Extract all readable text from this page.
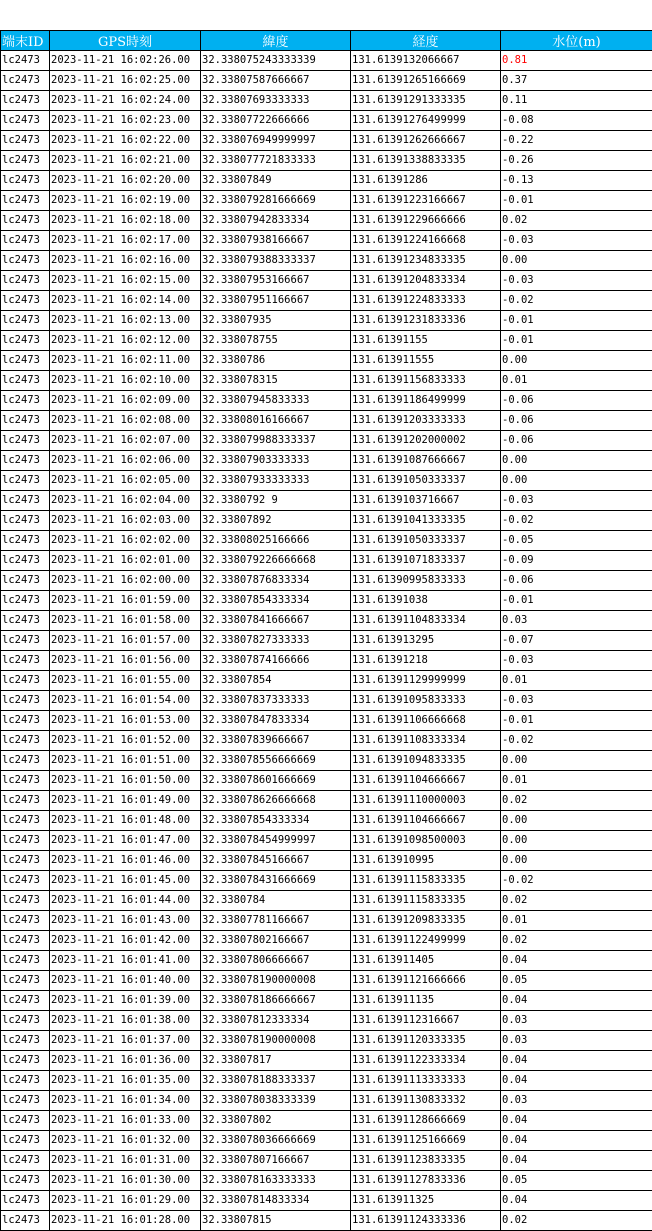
端末ID	GPS時刻	緯度	経度	水位(m)
lc2473	2023-11-21 16:02:26.00	32.338075243333339	131.6139132066667	0.81
lc2473	2023-11-21 16:02:25.00	32.33807587666667	131.61391265166669	0.37
lc2473	2023-11-21 16:02:24.00	32.33807693333333	131.61391291333335	0.11
lc2473	2023-11-21 16:02:23.00	32.33807722666666	131.61391276499999	-0.08
lc2473	2023-11-21 16:02:22.00	32.338076949999997	131.61391262666667	-0.22
lc2473	2023-11-21 16:02:21.00	32.338077721833333	131.61391338833335	-0.26
lc2473	2023-11-21 16:02:20.00	32.33807849	131.61391286	-0.13
lc2473	2023-11-21 16:02:19.00	32.338079281666669	131.61391223166667	-0.01
lc2473	2023-11-21 16:02:18.00	32.33807942833334	131.61391229666666	0.02
lc2473	2023-11-21 16:02:17.00	32.33807938166667	131.61391224166668	-0.03
lc2473	2023-11-21 16:02:16.00	32.338079388333337	131.61391234833335	0.00
lc2473	2023-11-21 16:02:15.00	32.33807953166667	131.61391204833334	-0.03
lc2473	2023-11-21 16:02:14.00	32.33807951166667	131.61391224833333	-0.02
lc2473	2023-11-21 16:02:13.00	32.33807935	131.61391231833336	-0.01
lc2473	2023-11-21 16:02:12.00	32.338078755	131.61391155	-0.01
lc2473	2023-11-21 16:02:11.00	32.3380786	131.613911555	0.00
lc2473	2023-11-21 16:02:10.00	32.338078315	131.61391156833333	0.01
lc2473	2023-11-21 16:02:09.00	32.33807945833333	131.61391186499999	-0.06
lc2473	2023-11-21 16:02:08.00	32.33808016166667	131.61391203333333	-0.06
lc2473	2023-11-21 16:02:07.00	32.338079988333337	131.61391202000002	-0.06
lc2473	2023-11-21 16:02:06.00	32.33807903333333	131.61391087666667	0.00
lc2473	2023-11-21 16:02:05.00	32.33807933333333	131.61391050333337	0.00
lc2473	2023-11-21 16:02:04.00	32.3380792 9	131.6139103716667	-0.03
lc2473	2023-11-21 16:02:03.00	32.33807892	131.61391041333335	-0.02
lc2473	2023-11-21 16:02:02.00	32.33808025166666	131.61391050333337	-0.05
lc2473	2023-11-21 16:02:01.00	32.338079226666668	131.61391071833337	-0.09
lc2473	2023-11-21 16:02:00.00	32.33807876833334	131.61390995833333	-0.06
lc2473	2023-11-21 16:01:59.00	32.33807854333334	131.61391038	-0.01
lc2473	2023-11-21 16:01:58.00	32.33807841666667	131.61391104833334	0.03
lc2473	2023-11-21 16:01:57.00	32.33807827333333	131.613913295	-0.07
lc2473	2023-11-21 16:01:56.00	32.33807874166666	131.61391218	-0.03
lc2473	2023-11-21 16:01:55.00	32.33807854	131.61391129999999	0.01
lc2473	2023-11-21 16:01:54.00	32.33807837333333	131.61391095833333	-0.03
lc2473	2023-11-21 16:01:53.00	32.33807847833334	131.61391106666668	-0.01
lc2473	2023-11-21 16:01:52.00	32.33807839666667	131.61391108333334	-0.02
lc2473	2023-11-21 16:01:51.00	32.338078556666669	131.61391094833335	0.00
lc2473	2023-11-21 16:01:50.00	32.338078601666669	131.61391104666667	0.01
lc2473	2023-11-21 16:01:49.00	32.338078626666668	131.61391110000003	0.02
lc2473	2023-11-21 16:01:48.00	32.33807854333334	131.61391104666667	0.00
lc2473	2023-11-21 16:01:47.00	32.338078454999997	131.61391098500003	0.00
lc2473	2023-11-21 16:01:46.00	32.33807845166667	131.613910995	0.00
lc2473	2023-11-21 16:01:45.00	32.338078431666669	131.61391115833335	-0.02
lc2473	2023-11-21 16:01:44.00	32.3380784	131.61391115833335	0.02
lc2473	2023-11-21 16:01:43.00	32.33807781166667	131.61391209833335	0.01
lc2473	2023-11-21 16:01:42.00	32.33807802166667	131.61391122499999	0.02
lc2473	2023-11-21 16:01:41.00	32.33807806666667	131.613911405	0.04
lc2473	2023-11-21 16:01:40.00	32.338078190000008	131.61391121666666	0.05
lc2473	2023-11-21 16:01:39.00	32.338078186666667	131.613911135	0.04
lc2473	2023-11-21 16:01:38.00	32.33807812333334	131.6139112316667	0.03
lc2473	2023-11-21 16:01:37.00	32.338078190000008	131.61391120333335	0.03
lc2473	2023-11-21 16:01:36.00	32.33807817	131.61391122333334	0.04
lc2473	2023-11-21 16:01:35.00	32.338078188333337	131.61391113333333	0.04
lc2473	2023-11-21 16:01:34.00	32.338078038333339	131.61391130833332	0.03
lc2473	2023-11-21 16:01:33.00	32.33807802	131.61391128666669	0.04
lc2473	2023-11-21 16:01:32.00	32.338078036666669	131.61391125166669	0.04
lc2473	2023-11-21 16:01:31.00	32.33807807166667	131.61391123833335	0.04
lc2473	2023-11-21 16:01:30.00	32.338078163333333	131.61391127833336	0.05
lc2473	2023-11-21 16:01:29.00	32.33807814833334	131.613911325	0.04
lc2473	2023-11-21 16:01:28.00	32.33807815	131.61391124333336	0.02
